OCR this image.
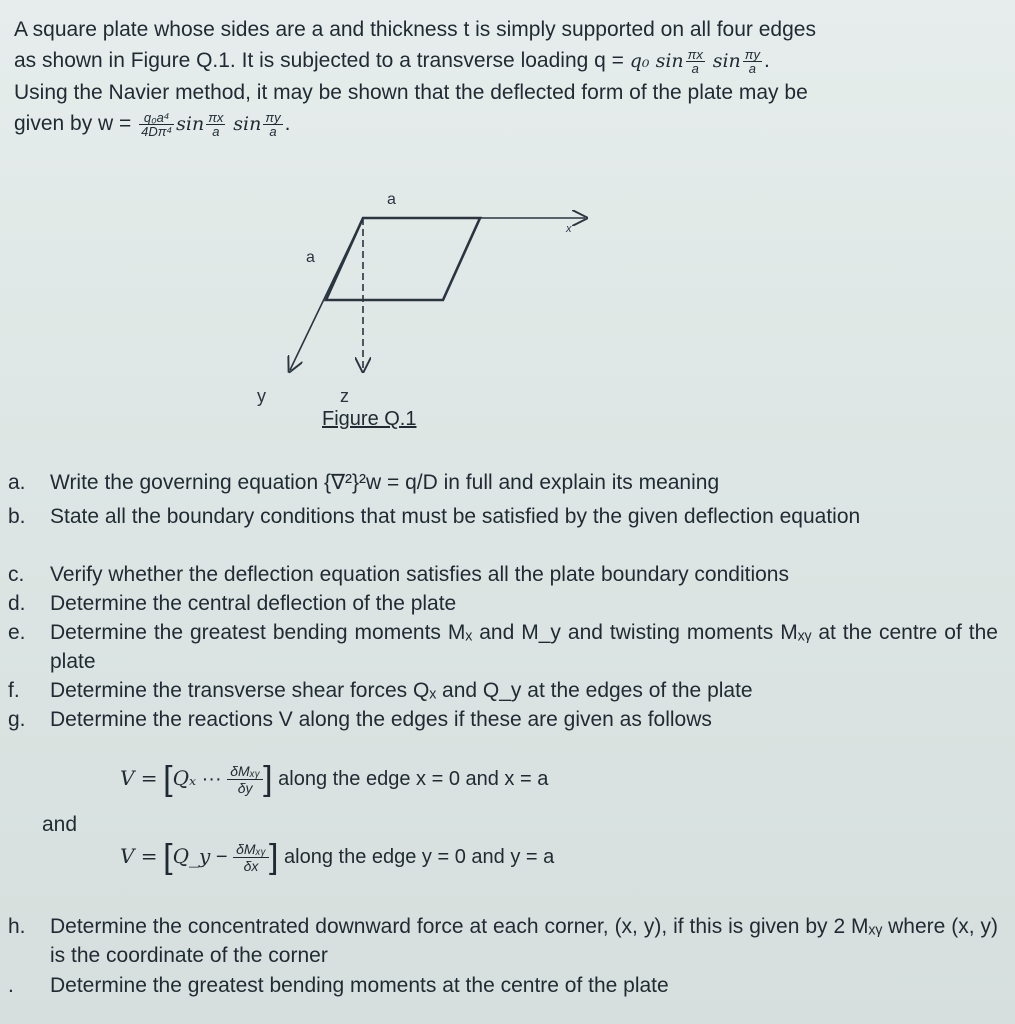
A square plate whose sides are a and thickness t is simply supported on all four edges

as shown in Figure Q.1. It is subjected to a transverse loading q = q₀ $\sin \frac{\pi x}{a}$ $\sin \frac{\pi y}{a}$ .

Using the Navier method, it may be shown that the deflected form of the plate may be

given by $w = \frac{\text{q₀a⁴}}{\text{4Dπ⁴}}$ $\sin \frac{\pi x}{a}$ $\sin \frac{\pi y}{a}$ .

a
a
x
y	z
Figure Q.1
a.	Write the governing equation {∇²}²w = q/D in full and explain its meaning
b.	State all the boundary conditions that must be satisfied by the given deflection equation
c.	Verify whether the deflection equation satisfies all the plate boundary conditions
d.	Determine the central deflection of the plate
e.	Determine the greatest bending moments Mₓ and M_y and twisting moments Mₓᵧ at the centre of the plate
f.	Determine the transverse shear forces Qₓ and Q_y at the edges of the plate
g.	Determine the reactions V along the edges if these are given as follows
h.	Determine the concentrated downward force at each corner, (x, y), if this is given by 2 Mₓᵧ where (x, y) is the coordinate of the corner
.	Determine the greatest bending moments at the centre of the plate
V = [Qₓ ··· $\frac{\text{δMₓᵧ}}{\delta y}$ ] along the edge x = 0 and x = a
and
V = [Q_y − $\frac{\text{δMₓᵧ}}{\delta x}$ ] along the edge y = 0 and y = a
